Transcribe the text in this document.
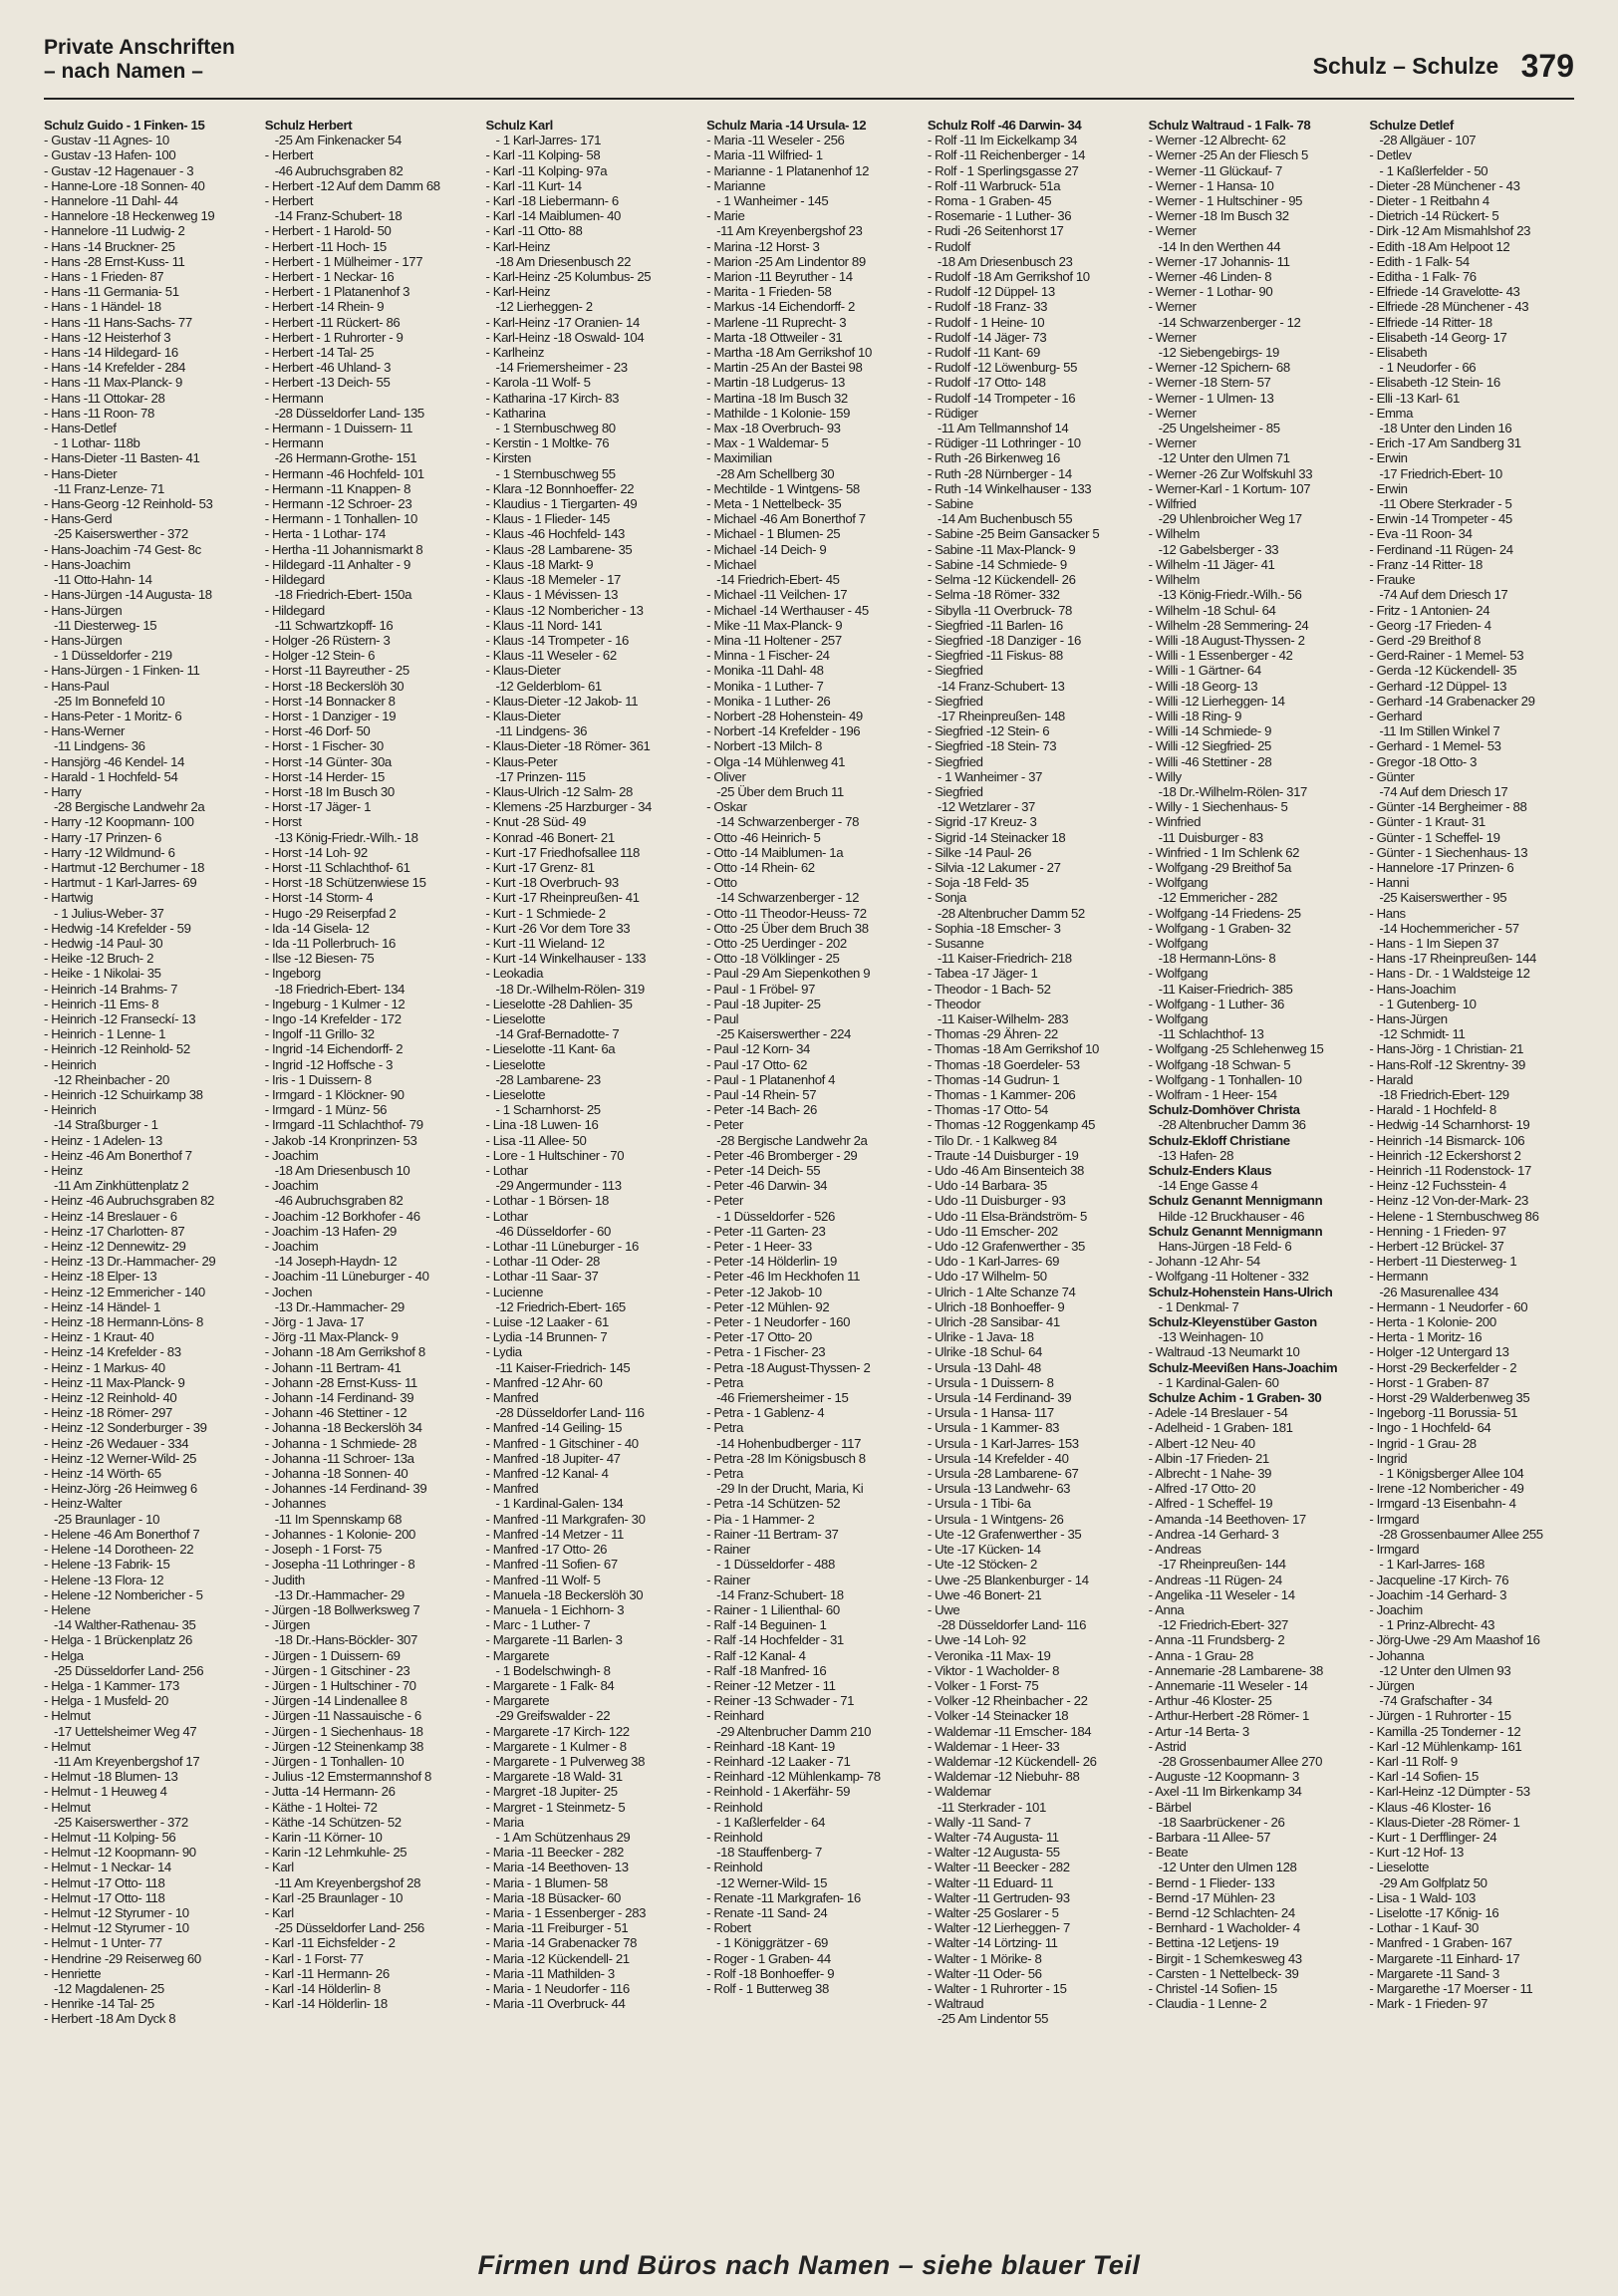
Private Anschriften
– nach Namen –	Schulz – Schulze 379
Schulz Guido - 1 Finken- 15
- Gustav -11 Agnes- 10
- Gustav -13 Hafen- 100
- Gustav -12 Hagenauer - 3
- Hanne-Lore -18 Sonnen- 40
- Hannelore -11 Dahl- 44
- Hannelore -18 Heckenweg 19
- Hannelore -11 Ludwig- 2
- Hans -14 Bruckner- 25
- Hans -28 Ernst-Kuss- 11
- Hans - 1 Frieden- 87
- Hans -11 Germania- 51
- Hans - 1 Händel- 18
- Hans -11 Hans-Sachs- 77
- Hans -12 Heisterhof 3
- Hans -14 Hildegard- 16
- Hans -14 Krefelder - 284
- Hans -11 Max-Planck- 9
- Hans -11 Ottokar- 28
- Hans -11 Roon- 78
- Hans-Detlef
- 1 Lothar- 118b
- Hans-Dieter -11 Basten- 41
- Hans-Dieter
-11 Franz-Lenze- 71
- Hans-Georg -12 Reinhold- 53
- Hans-Gerd
-25 Kaiserswerther - 372
- Hans-Joachim -74 Gest- 8c
- Hans-Joachim
-11 Otto-Hahn- 14
- Hans-Jürgen -14 Augusta- 18
- Hans-Jürgen
-11 Diesterweg- 15
- Hans-Jürgen
- 1 Düsseldorfer - 219
- Hans-Jürgen - 1 Finken- 11
- Hans-Paul
-25 Im Bonnefeld 10
- Hans-Peter - 1 Moritz- 6
- Hans-Werner
-11 Lindgens- 36
- Hansjörg -46 Kendel- 14
- Harald - 1 Hochfeld- 54
- Harry
-28 Bergische Landwehr 2a
- Harry -12 Koopmann- 100
- Harry -17 Prinzen- 6
- Harry -12 Wildmund- 6
- Hartmut -12 Berchumer - 18
- Hartmut - 1 Karl-Jarres- 69
- Hartwig
- 1 Julius-Weber- 37
- Hedwig -14 Krefelder - 59
- Hedwig -14 Paul- 30
- Heike -12 Bruch- 2
- Heike - 1 Nikolai- 35
- Heinrich -14 Brahms- 7
- Heinrich -11 Ems- 8
- Heinrich -12 Franseckí- 13
- Heinrich - 1 Lenne- 1
- Heinrich -12 Reinhold- 52
- Heinrich
-12 Rheinbacher - 20
- Heinrich -12 Schuirkamp 38
- Heinrich
-14 Straßburger - 1
- Heinz - 1 Adelen- 13
- Heinz -46 Am Bonerthof 7
- Heinz
-11 Am Zinkhüttenplatz 2
- Heinz -46 Aubruchsgraben 82
- Heinz -14 Breslauer - 6
- Heinz -17 Charlotten- 87
- Heinz -12 Dennewitz- 29
- Heinz -13 Dr.-Hammacher- 29
- Heinz -18 Elper- 13
- Heinz -12 Emmericher - 140
- Heinz -14 Händel- 1
- Heinz -18 Hermann-Löns- 8
- Heinz - 1 Kraut- 40
- Heinz -14 Krefelder - 83
- Heinz - 1 Markus- 40
- Heinz -11 Max-Planck- 9
- Heinz -12 Reinhold- 40
- Heinz -18 Römer- 297
- Heinz -12 Sonderburger - 39
- Heinz -26 Wedauer - 334
- Heinz -12 Werner-Wild- 25
- Heinz -14 Wörth- 65
- Heinz-Jörg -26 Heimweg 6
- Heinz-Walter
-25 Braunlager - 10
- Helene -46 Am Bonerthof 7
- Helene -14 Dorotheen- 22
- Helene -13 Fabrik- 15
- Helene -13 Flora- 12
- Helene -12 Nombericher - 5
- Helene
-14 Walther-Rathenau- 35
- Helga - 1 Brückenplatz 26
- Helga
-25 Düsseldorfer Land- 256
- Helga - 1 Kammer- 173
- Helga - 1 Musfeld- 20
- Helmut
-17 Uettelsheimer Weg 47
- Helmut
-11 Am Kreyenbergshof 17
- Helmut -18 Blumen- 13
- Helmut - 1 Heuweg 4
- Helmut
-25 Kaiserswerther - 372
- Helmut -11 Kolping- 56
- Helmut -12 Koopmann- 90
- Helmut - 1 Neckar- 14
- Helmut -17 Otto- 118
- Helmut -17 Otto- 118
- Helmut -12 Styrumer - 10
- Helmut -12 Styrumer - 10
- Helmut - 1 Unter- 77
- Hendrine -29 Reiserweg 60
- Henriette
-12 Magdalenen- 25
- Henrike -14 Tal- 25
- Herbert -18 Am Dyck 8
Schulz Herbert
-25 Am Finkenacker 54
- Herbert
-46 Aubruchsgraben 82
- Herbert -12 Auf dem Damm 68
- Herbert
-14 Franz-Schubert- 18
- Herbert - 1 Harold- 50
- Herbert -11 Hoch- 15
- Herbert - 1 Mülheimer - 177
- Herbert - 1 Neckar- 16
- Herbert - 1 Platanenhof 3
- Herbert -14 Rhein- 9
- Herbert -11 Rückert- 86
- Herbert - 1 Ruhrorter - 9
- Herbert -14 Tal- 25
- Herbert -46 Uhland- 3
- Herbert -13 Deich- 55
- Hermann
-28 Düsseldorfer Land- 135
- Hermann - 1 Duissern- 11
- Hermann
-26 Hermann-Grothe- 151
- Hermann -46 Hochfeld- 101
- Hermann -11 Knappen- 8
- Hermann -12 Schroer- 23
- Hermann - 1 Tonhallen- 10
- Herta - 1 Lothar- 174
- Hertha -11 Johannismarkt 8
- Hildegard -11 Anhalter - 9
- Hildegard
-18 Friedrich-Ebert- 150a
- Hildegard
-11 Schwartzkopff- 16
- Holger -26 Rüstern- 3
- Holger -12 Stein- 6
- Horst -11 Bayreuther - 25
- Horst -18 Beckerslöh 30
- Horst -14 Bonnacker 8
- Horst - 1 Danziger - 19
- Horst -46 Dorf- 50
- Horst - 1 Fischer- 30
- Horst -14 Günter- 30a
- Horst -14 Herder- 15
- Horst -18 Im Busch 30
- Horst -17 Jäger- 1
- Horst
-13 König-Friedr.-Wilh.- 18
- Horst -14 Loh- 92
- Horst -11 Schlachthof- 61
- Horst -18 Schützenwiese 15
- Horst -14 Storm- 4
- Hugo -29 Reiserpfad 2
- Ida -14 Gisela- 12
- Ida -11 Pollerbruch- 16
- Ilse -12 Biesen- 75
- Ingeborg
-18 Friedrich-Ebert- 134
- Ingeburg - 1 Kulmer - 12
- Ingo -14 Krefelder - 172
- Ingolf -11 Grillo- 32
- Ingrid -14 Eichendorff- 2
- Ingrid -12 Hoffsche - 3
- Iris - 1 Duissern- 8
- Irmgard - 1 Klöckner- 90
- Irmgard - 1 Münz- 56
- Irmgard -11 Schlachthof- 79
- Jakob -14 Kronprinzen- 53
- Joachim
-18 Am Driesenbusch 10
- Joachim
-46 Aubruchsgraben 82
- Joachim -12 Borkhofer - 46
- Joachim -13 Hafen- 29
- Joachim
-14 Joseph-Haydn- 12
- Joachim -11 Lüneburger - 40
- Jochen
-13 Dr.-Hammacher- 29
- Jörg - 1 Java- 17
- Jörg -11 Max-Planck- 9
- Johann -18 Am Gerrikshof 8
- Johann -11 Bertram- 41
- Johann -28 Ernst-Kuss- 11
- Johann -14 Ferdinand- 39
- Johann -46 Stettiner - 12
- Johanna -18 Beckerslöh 34
- Johanna - 1 Schmiede- 28
- Johanna -11 Schroer- 13a
- Johanna -18 Sonnen- 40
- Johannes -14 Ferdinand- 39
- Johannes
-11 Im Spennskamp 68
- Johannes - 1 Kolonie- 200
- Joseph - 1 Forst- 75
- Josepha -11 Lothringer - 8
- Judith
-13 Dr.-Hammacher- 29
- Jürgen -18 Bollwerksweg 7
- Jürgen
-18 Dr.-Hans-Böckler- 307
- Jürgen - 1 Duissern- 69
- Jürgen - 1 Gitschiner - 23
- Jürgen - 1 Hultschiner - 70
- Jürgen -14 Lindenallee 8
- Jürgen -11 Nassauische - 6
- Jürgen - 1 Siechenhaus- 18
- Jürgen -12 Steinenkamp 38
- Jürgen - 1 Tonhallen- 10
- Julius -12 Emstermannshof 8
- Jutta -14 Hermann- 26
- Käthe - 1 Holtei- 72
- Käthe -14 Schützen- 52
- Karin -11 Körner- 10
- Karin -12 Lehmkuhle- 25
- Karl
-11 Am Kreyenbergshof 28
- Karl -25 Braunlager - 10
- Karl
-25 Düsseldorfer Land- 256
- Karl -11 Eichsfelder - 2
- Karl - 1 Forst- 77
- Karl -11 Hermann- 26
- Karl -14 Hölderlin- 8
- Karl -14 Hölderlin- 18
Schulz Karl
- 1 Karl-Jarres- 171
- Karl -11 Kolping- 58
- Karl -11 Kolping- 97a
- Karl -11 Kurt- 14
- Karl -18 Liebermann- 6
- Karl -14 Maiblumen- 40
- Karl -11 Otto- 88
- Karl-Heinz
-18 Am Driesenbusch 22
- Karl-Heinz -25 Kolumbus- 25
- Karl-Heinz
-12 Lierheggen- 2
- Karl-Heinz -17 Oranien- 14
- Karl-Heinz -18 Oswald- 104
- Karlheinz
-14 Friemersheimer - 23
- Karola -11 Wolf- 5
- Katharina -17 Kirch- 83
- Katharina
- 1 Sternbuschweg 80
- Kerstin - 1 Moltke- 76
- Kirsten
- 1 Sternbuschweg 55
- Klara -12 Bonnhoeffer- 22
- Klaudius - 1 Tiergarten- 49
- Klaus - 1 Flieder- 145
- Klaus -46 Hochfeld- 143
- Klaus -28 Lambarene- 35
- Klaus -18 Markt- 9
- Klaus -18 Memeler - 17
- Klaus - 1 Mévissen- 13
- Klaus -12 Nombericher - 13
- Klaus -11 Nord- 141
- Klaus -14 Trompeter - 16
- Klaus -11 Weseler - 62
- Klaus-Dieter
-12 Gelderblom- 61
- Klaus-Dieter -12 Jakob- 11
- Klaus-Dieter
-11 Lindgens- 36
- Klaus-Dieter -18 Römer- 361
- Klaus-Peter
-17 Prinzen- 115
- Klaus-Ulrich -12 Salm- 28
- Klemens -25 Harzburger - 34
- Knut -28 Süd- 49
- Konrad -46 Bonert- 21
- Kurt -17 Friedhofsallee 118
- Kurt -17 Grenz- 81
- Kurt -18 Overbruch- 93
- Kurt -17 Rheinpreußen- 41
- Kurt - 1 Schmiede- 2
- Kurt -26 Vor dem Tore 33
- Kurt -11 Wieland- 12
- Kurt -14 Winkelhauser - 133
- Leokadia
-18 Dr.-Wilhelm-Rölen- 319
- Lieselotte -28 Dahlien- 35
- Lieselotte
-14 Graf-Bernadotte- 7
- Lieselotte -11 Kant- 6a
- Lieselotte
-28 Lambarene- 23
- Lieselotte
- 1 Scharnhorst- 25
- Lina -18 Luwen- 16
- Lisa -11 Allee- 50
- Lore - 1 Hultschiner - 70
- Lothar
-29 Angermunder - 113
- Lothar - 1 Börsen- 18
- Lothar
-46 Düsseldorfer - 60
- Lothar -11 Lüneburger - 16
- Lothar -11 Oder- 28
- Lothar -11 Saar- 37
- Lucienne
-12 Friedrich-Ebert- 165
- Luise -12 Laaker - 61
- Lydia -14 Brunnen- 7
- Lydia
-11 Kaiser-Friedrich- 145
- Manfred -12 Ahr- 60
- Manfred
-28 Düsseldorfer Land- 116
- Manfred -14 Geiling- 15
- Manfred - 1 Gitschiner - 40
- Manfred -18 Jupiter- 47
- Manfred -12 Kanal- 4
- Manfred
- 1 Kardinal-Galen- 134
- Manfred -11 Markgrafen- 30
- Manfred -14 Metzer - 11
- Manfred -17 Otto- 26
- Manfred -11 Sofien- 67
- Manfred -11 Wolf- 5
- Manuela -18 Beckerslöh 30
- Manuela - 1 Eichhorn- 3
- Marc - 1 Luther- 7
- Margarete -11 Barlen- 3
- Margarete
- 1 Bodelschwingh- 8
- Margarete - 1 Falk- 84
- Margarete
-29 Greifswalder - 22
- Margarete -17 Kirch- 122
- Margarete - 1 Kulmer - 8
- Margarete - 1 Pulverweg 38
- Margarete -18 Wald- 31
- Margret -18 Jupiter- 25
- Margret - 1 Steinmetz- 5
- Maria
- 1 Am Schützenhaus 29
- Maria -11 Beecker - 282
- Maria -14 Beethoven- 13
- Maria - 1 Blumen- 58
- Maria -18 Büsacker- 60
- Maria - 1 Essenberger - 283
- Maria -11 Freiburger - 51
- Maria -14 Grabenacker 78
- Maria -12 Kückendell- 21
- Maria -11 Mathilden- 3
- Maria - 1 Neudorfer - 116
- Maria -11 Overbruck- 44
Schulz Maria -14 Ursula- 12
- Maria -11 Weseler - 256
- Maria -11 Wilfried- 1
- Marianne - 1 Platanenhof 12
- Marianne
- 1 Wanheimer - 145
- Marie
-11 Am Kreyenbergshof 23
- Marina -12 Horst- 3
- Marion -25 Am Lindentor 89
- Marion -11 Beyruther - 14
- Marita - 1 Frieden- 58
- Markus -14 Eichendorff- 2
- Marlene -11 Ruprecht- 3
- Marta -18 Ottweiler - 31
- Martha -18 Am Gerrikshof 10
- Martin -25 An der Bastei 98
- Martin -18 Ludgerus- 13
- Martina -18 Im Busch 32
- Mathilde - 1 Kolonie- 159
- Max -18 Overbruch- 93
- Max - 1 Waldemar- 5
- Maximilian
-28 Am Schellberg 30
- Mechtilde - 1 Wintgens- 58
- Meta - 1 Nettelbeck- 35
- Michael -46 Am Bonerthof 7
- Michael - 1 Blumen- 25
- Michael -14 Deich- 9
- Michael
-14 Friedrich-Ebert- 45
- Michael -11 Veilchen- 17
- Michael -14 Werthauser - 45
- Mike -11 Max-Planck- 9
- Mina -11 Holtener - 257
- Minna - 1 Fischer- 24
- Monika -11 Dahl- 48
- Monika - 1 Luther- 7
- Monika - 1 Luther- 26
- Norbert -28 Hohenstein- 49
- Norbert -14 Krefelder - 196
- Norbert -13 Milch- 8
- Olga -14 Mühlenweg 41
- Oliver
-25 Über dem Bruch 11
- Oskar
-14 Schwarzenberger - 78
- Otto -46 Heinrich- 5
- Otto -14 Maiblumen- 1a
- Otto -14 Rhein- 62
- Otto
-14 Schwarzenberger - 12
- Otto -11 Theodor-Heuss- 72
- Otto -25 Über dem Bruch 38
- Otto -25 Uerdinger - 202
- Otto -18 Völklinger - 25
- Paul -29 Am Siepenkothen 9
- Paul - 1 Fröbel- 97
- Paul -18 Jupiter- 25
- Paul
-25 Kaiserswerther - 224
- Paul -12 Korn- 34
- Paul -17 Otto- 62
- Paul - 1 Platanenhof 4
- Paul -14 Rhein- 57
- Peter -14 Bach- 26
- Peter
-28 Bergische Landwehr 2a
- Peter -46 Bromberger - 29
- Peter -14 Deich- 55
- Peter -46 Darwin- 34
- Peter
- 1 Düsseldorfer - 526
- Peter -11 Garten- 23
- Peter - 1 Heer- 33
- Peter -14 Hölderlin- 19
- Peter -46 Im Heckhofen 11
- Peter -12 Jakob- 10
- Peter -12 Mühlen- 92
- Peter - 1 Neudorfer - 160
- Peter -17 Otto- 20
- Petra - 1 Fischer- 23
- Petra -18 August-Thyssen- 2
- Petra
-46 Friemersheimer - 15
- Petra - 1 Gablenz- 4
- Petra
-14 Hohenbudberger - 117
- Petra -28 Im Königsbusch 8
- Petra
-29 In der Drucht, Maria, Ki
- Petra -14 Schützen- 52
- Pia - 1 Hammer- 2
- Rainer -11 Bertram- 37
- Rainer
- 1 Düsseldorfer - 488
- Rainer
-14 Franz-Schubert- 18
- Rainer - 1 Lilienthal- 60
- Ralf -14 Beguinen- 1
- Ralf -14 Hochfelder - 31
- Ralf -12 Kanal- 4
- Ralf -18 Manfred- 16
- Reiner -12 Metzer - 11
- Reiner -13 Schwader - 71
- Reinhard
-29 Altenbrucher Damm 210
- Reinhard -18 Kant- 19
- Reinhard -12 Laaker - 71
- Reinhard -12 Mühlenkamp- 78
- Reinhold - 1 Akerfähr- 59
- Reinhold
- 1 Kaßlerfelder - 64
- Reinhold
-18 Stauffenberg- 7
- Reinhold
-12 Werner-Wild- 15
- Renate -11 Markgrafen- 16
- Renate -11 Sand- 24
- Robert
- 1 Königgrätzer - 69
- Roger - 1 Graben- 44
- Rolf -18 Bonhoeffer- 9
- Rolf - 1 Butterweg 38
Schulz Rolf -46 Darwin- 34
- Rolf -11 Im Eickelkamp 34
- Rolf -11 Reichenberger - 14
- Rolf - 1 Sperlingsgasse 27
- Rolf -11 Warbruck- 51a
- Roma - 1 Graben- 45
- Rosemarie - 1 Luther- 36
- Rudi -26 Seitenhorst 17
- Rudolf
-18 Am Driesenbusch 23
- Rudolf -18 Am Gerrikshof 10
- Rudolf -12 Düppel- 13
- Rudolf -18 Franz- 33
- Rudolf - 1 Heine- 10
- Rudolf -14 Jäger- 73
- Rudolf -11 Kant- 69
- Rudolf -12 Löwenburg- 55
- Rudolf -17 Otto- 148
- Rudolf -14 Trompeter - 16
- Rüdiger
-11 Am Tellmannshof 14
- Rüdiger -11 Lothringer - 10
- Ruth -26 Birkenweg 16
- Ruth -28 Nürnberger - 14
- Ruth -14 Winkelhauser - 133
- Sabine
-14 Am Buchenbusch 55
- Sabine -25 Beim Gansacker 5
- Sabine -11 Max-Planck- 9
- Sabine -14 Schmiede- 9
- Selma -12 Kückendell- 26
- Selma -18 Römer- 332
- Sibylla -11 Overbruck- 78
- Siegfried -11 Barlen- 16
- Siegfried -18 Danziger - 16
- Siegfried -11 Fiskus- 88
- Siegfried
-14 Franz-Schubert- 13
- Siegfried
-17 Rheinpreußen- 148
- Siegfried -12 Stein- 6
- Siegfried -18 Stein- 73
- Siegfried
- 1 Wanheimer - 37
- Siegfried
-12 Wetzlarer - 37
- Sigrid -17 Kreuz- 3
- Sigrid -14 Steinacker 18
- Silke -14 Paul- 26
- Silvia -12 Lakumer - 27
- Soja -18 Feld- 35
- Sonja
-28 Altenbrucher Damm 52
- Sophia -18 Emscher- 3
- Susanne
-11 Kaiser-Friedrich- 218
- Tabea -17 Jäger- 1
- Theodor - 1 Bach- 52
- Theodor
-11 Kaiser-Wilhelm- 283
- Thomas -29 Ähren- 22
- Thomas -18 Am Gerrikshof 10
- Thomas -18 Goerdeler- 53
- Thomas -14 Gudrun- 1
- Thomas - 1 Kammer- 206
- Thomas -17 Otto- 54
- Thomas -12 Roggenkamp 45
- Tilo Dr. - 1 Kalkweg 84
- Traute -14 Duisburger - 19
- Udo -46 Am Binsenteich 38
- Udo -14 Barbara- 35
- Udo -11 Duisburger - 93
- Udo -11 Elsa-Brändström- 5
- Udo -11 Emscher- 202
- Udo -12 Grafenwerther - 35
- Udo - 1 Karl-Jarres- 69
- Udo -17 Wilhelm- 50
- Ulrich - 1 Alte Schanze 74
- Ulrich -18 Bonhoeffer- 9
- Ulrich -28 Sansibar- 41
- Ulrike - 1 Java- 18
- Ulrike -18 Schul- 64
- Ursula -13 Dahl- 48
- Ursula - 1 Duissern- 8
- Ursula -14 Ferdinand- 39
- Ursula - 1 Hansa- 117
- Ursula - 1 Kammer- 83
- Ursula - 1 Karl-Jarres- 153
- Ursula -14 Krefelder - 40
- Ursula -28 Lambarene- 67
- Ursula -13 Landwehr- 63
- Ursula - 1 Tibi- 6a
- Ursula - 1 Wintgens- 26
- Ute -12 Grafenwerther - 35
- Ute -17 Kücken- 14
- Ute -12 Stöcken- 2
- Uwe -25 Blankenburger - 14
- Uwe -46 Bonert- 21
- Uwe
-28 Düsseldorfer Land- 116
- Uwe -14 Loh- 92
- Veronika -11 Max- 19
- Viktor - 1 Wacholder- 8
- Volker - 1 Forst- 75
- Volker -12 Rheinbacher - 22
- Volker -14 Steinacker 18
- Waldemar -11 Emscher- 184
- Waldemar - 1 Heer- 33
- Waldemar -12 Kückendell- 26
- Waldemar -12 Niebuhr- 88
- Waldemar
-11 Sterkrader - 101
- Wally -11 Sand- 7
- Walter -74 Augusta- 11
- Walter -12 Augusta- 55
- Walter -11 Beecker - 282
- Walter -11 Eduard- 11
- Walter -11 Gertruden- 93
- Walter -25 Goslarer - 5
- Walter -12 Lierheggen- 7
- Walter -14 Lörtzing- 11
- Walter - 1 Mörike- 8
- Walter -11 Oder- 56
- Walter - 1 Ruhrorter - 15
- Waltraud
-25 Am Lindentor 55
Schulz Waltraud - 1 Falk- 78
- Werner -12 Albrecht- 62
- Werner -25 An der Fliesch 5
- Werner -11 Glückauf- 7
- Werner - 1 Hansa- 10
- Werner - 1 Hultschiner - 95
- Werner -18 Im Busch 32
- Werner
-14 In den Werthen 44
- Werner -17 Johannis- 11
- Werner -46 Linden- 8
- Werner - 1 Lothar- 90
- Werner
-14 Schwarzenberger - 12
- Werner
-12 Siebengebirgs- 19
- Werner -12 Spichern- 68
- Werner -18 Stern- 57
- Werner - 1 Ulmen- 13
- Werner
-25 Ungelsheimer - 85
- Werner
-12 Unter den Ulmen 71
- Werner -26 Zur Wolfskuhl 33
- Werner-Karl - 1 Kortum- 107
- Wilfried
-29 Uhlenbroicher Weg 17
- Wilhelm
-12 Gabelsberger - 33
- Wilhelm -11 Jäger- 41
- Wilhelm
-13 König-Friedr.-Wilh.- 56
- Wilhelm -18 Schul- 64
- Wilhelm -28 Semmering- 24
- Willi -18 August-Thyssen- 2
- Willi - 1 Essenberger - 42
- Willi - 1 Gärtner- 64
- Willi -18 Georg- 13
- Willi -12 Lierheggen- 14
- Willi -18 Ring- 9
- Willi -14 Schmiede- 9
- Willi -12 Siegfried- 25
- Willi -46 Stettiner - 28
- Willy
-18 Dr.-Wilhelm-Rölen- 317
- Willy - 1 Siechenhaus- 5
- Winfried
-11 Duisburger - 83
- Winfried - 1 Im Schlenk 62
- Wolfgang -29 Breithof 5a
- Wolfgang
-12 Emmericher - 282
- Wolfgang -14 Friedens- 25
- Wolfgang - 1 Graben- 32
- Wolfgang
-18 Hermann-Löns- 8
- Wolfgang
-11 Kaiser-Friedrich- 385
- Wolfgang - 1 Luther- 36
- Wolfgang
-11 Schlachthof- 13
- Wolfgang -25 Schlehenweg 15
- Wolfgang -18 Schwan- 5
- Wolfgang - 1 Tonhallen- 10
- Wolfram - 1 Heer- 154
Schulz-Domhöver Christa
-28 Altenbrucher Damm 36
Schulz-Ekloff Christiane
-13 Hafen- 28
Schulz-Enders Klaus
-14 Enge Gasse 4
Schulz Genannt Mennigmann
Hilde -12 Bruckhauser - 46
Schulz Genannt Mennigmann
Hans-Jürgen -18 Feld- 6
- Johann -12 Ahr- 54
- Wolfgang -11 Holtener - 332
Schulz-Hohenstein Hans-Ulrich
- 1 Denkmal- 7
Schulz-Kleyenstüber Gaston
-13 Weinhagen- 10
- Waltraud -13 Neumarkt 10
Schulz-Meevißen Hans-Joachim
- 1 Kardinal-Galen- 60
Schulze Achim - 1 Graben- 30
- Adele -14 Breslauer - 54
- Adelheid - 1 Graben- 181
- Albert -12 Neu- 40
- Albin -17 Frieden- 21
- Albrecht - 1 Nahe- 39
- Alfred -17 Otto- 20
- Alfred - 1 Scheffel- 19
- Amanda -14 Beethoven- 17
- Andrea -14 Gerhard- 3
- Andreas
-17 Rheinpreußen- 144
- Andreas -11 Rügen- 24
- Angelika -11 Weseler - 14
- Anna
-12 Friedrich-Ebert- 327
- Anna -11 Frundsberg- 2
- Anna - 1 Grau- 28
- Annemarie -28 Lambarene- 38
- Annemarie -11 Weseler - 14
- Arthur -46 Kloster- 25
- Arthur-Herbert -28 Römer- 1
- Artur -14 Berta- 3
- Astrid
-28 Grossenbaumer Allee 270
- Auguste -12 Koopmann- 3
- Axel -11 Im Birkenkamp 34
- Bärbel
-18 Saarbrückener - 26
- Barbara -11 Allee- 57
- Beate
-12 Unter den Ulmen 128
- Bernd - 1 Flieder- 133
- Bernd -17 Mühlen- 23
- Bernd -12 Schlachten- 24
- Bernhard - 1 Wacholder- 4
- Bettina -12 Letjens- 19
- Birgit - 1 Schemkesweg 43
- Carsten - 1 Nettelbeck- 39
- Christel -14 Sofien- 15
- Claudia - 1 Lenne- 2
Schulze Detlef
-28 Allgäuer - 107
- Detlev
- 1 Kaßlerfelder - 50
- Dieter -28 Münchener - 43
- Dieter - 1 Reitbahn 4
- Dietrich -14 Rückert- 5
- Dirk -12 Am Mismahlshof 23
- Edith -18 Am Helpoot 12
- Edith - 1 Falk- 54
- Editha - 1 Falk- 76
- Elfriede -14 Gravelotte- 43
- Elfriede -28 Münchener - 43
- Elfriede -14 Ritter- 18
- Elisabeth -14 Georg- 17
- Elisabeth
- 1 Neudorfer - 66
- Elisabeth -12 Stein- 16
- Elli -13 Karl- 61
- Emma
-18 Unter den Linden 16
- Erich -17 Am Sandberg 31
- Erwin
-17 Friedrich-Ebert- 10
- Erwin
-11 Obere Sterkrader - 5
- Erwin -14 Trompeter - 45
- Eva -11 Roon- 34
- Ferdinand -11 Rügen- 24
- Franz -14 Ritter- 18
- Frauke
-74 Auf dem Driesch 17
- Fritz - 1 Antonien- 24
- Georg -17 Frieden- 4
- Gerd -29 Breithof 8
- Gerd-Rainer - 1 Memel- 53
- Gerda -12 Kückendell- 35
- Gerhard -12 Düppel- 13
- Gerhard -14 Grabenacker 29
- Gerhard
-11 Im Stillen Winkel 7
- Gerhard - 1 Memel- 53
- Gregor -18 Otto- 3
- Günter
-74 Auf dem Driesch 17
- Günter -14 Bergheimer - 88
- Günter - 1 Kraut- 31
- Günter - 1 Scheffel- 19
- Günter - 1 Siechenhaus- 13
- Hannelore -17 Prinzen- 6
- Hanni
-25 Kaiserswerther - 95
- Hans
-14 Hochemmericher - 57
- Hans - 1 Im Siepen 37
- Hans -17 Rheinpreußen- 144
- Hans - Dr. - 1 Waldsteige 12
- Hans-Joachim
- 1 Gutenberg- 10
- Hans-Jürgen
-12 Schmidt- 11
- Hans-Jörg - 1 Christian- 21
- Hans-Rolf -12 Skrentny- 39
- Harald
-18 Friedrich-Ebert- 129
- Harald - 1 Hochfeld- 8
- Hedwig -14 Scharnhorst- 19
- Heinrich -14 Bismarck- 106
- Heinrich -12 Eckershorst 2
- Heinrich -11 Rodenstock- 17
- Heinz -12 Fuchsstein- 4
- Heinz -12 Von-der-Mark- 23
- Helene - 1 Sternbuschweg 86
- Henning - 1 Frieden- 97
- Herbert -12 Brückel- 37
- Herbert -11 Diesterweg- 1
- Hermann
-26 Masurenallee 434
- Hermann - 1 Neudorfer - 60
- Herta - 1 Kolonie- 200
- Herta - 1 Moritz- 16
- Holger -12 Untergard 13
- Horst -29 Beckerfelder - 2
- Horst - 1 Graben- 87
- Horst -29 Walderbenweg 35
- Ingeborg -11 Borussia- 51
- Ingo - 1 Hochfeld- 64
- Ingrid - 1 Grau- 28
- Ingrid
- 1 Königsberger Allee 104
- Irene -12 Nombericher - 49
- Irmgard -13 Eisenbahn- 4
- Irmgard
-28 Grossenbaumer Allee 255
- Irmgard
- 1 Karl-Jarres- 168
- Jacqueline -17 Kirch- 76
- Joachim -14 Gerhard- 3
- Joachim
- 1 Prinz-Albrecht- 43
- Jörg-Uwe -29 Am Maashof 16
- Johanna
-12 Unter den Ulmen 93
- Jürgen
-74 Grafschafter - 34
- Jürgen - 1 Ruhrorter - 15
- Kamilla -25 Tonderner - 12
- Karl -12 Mühlenkamp- 161
- Karl -11 Rolf- 9
- Karl -14 Sofien- 15
- Karl-Heinz -12 Dümpter - 53
- Klaus -46 Kloster- 16
- Klaus-Dieter -28 Römer- 1
- Kurt - 1 Derfflinger- 24
- Kurt -12 Hof- 13
- Lieselotte
-29 Am Golfplatz 50
- Lisa - 1 Wald- 103
- Liselotte -17 Kőnig- 16
- Lothar - 1 Kauf- 30
- Manfred - 1 Graben- 167
- Margarete -11 Einhard- 17
- Margarete -11 Sand- 3
- Margarethe -17 Moerser - 11
- Mark - 1 Frieden- 97
Firmen und Büros nach Namen – siehe blauer Teil
